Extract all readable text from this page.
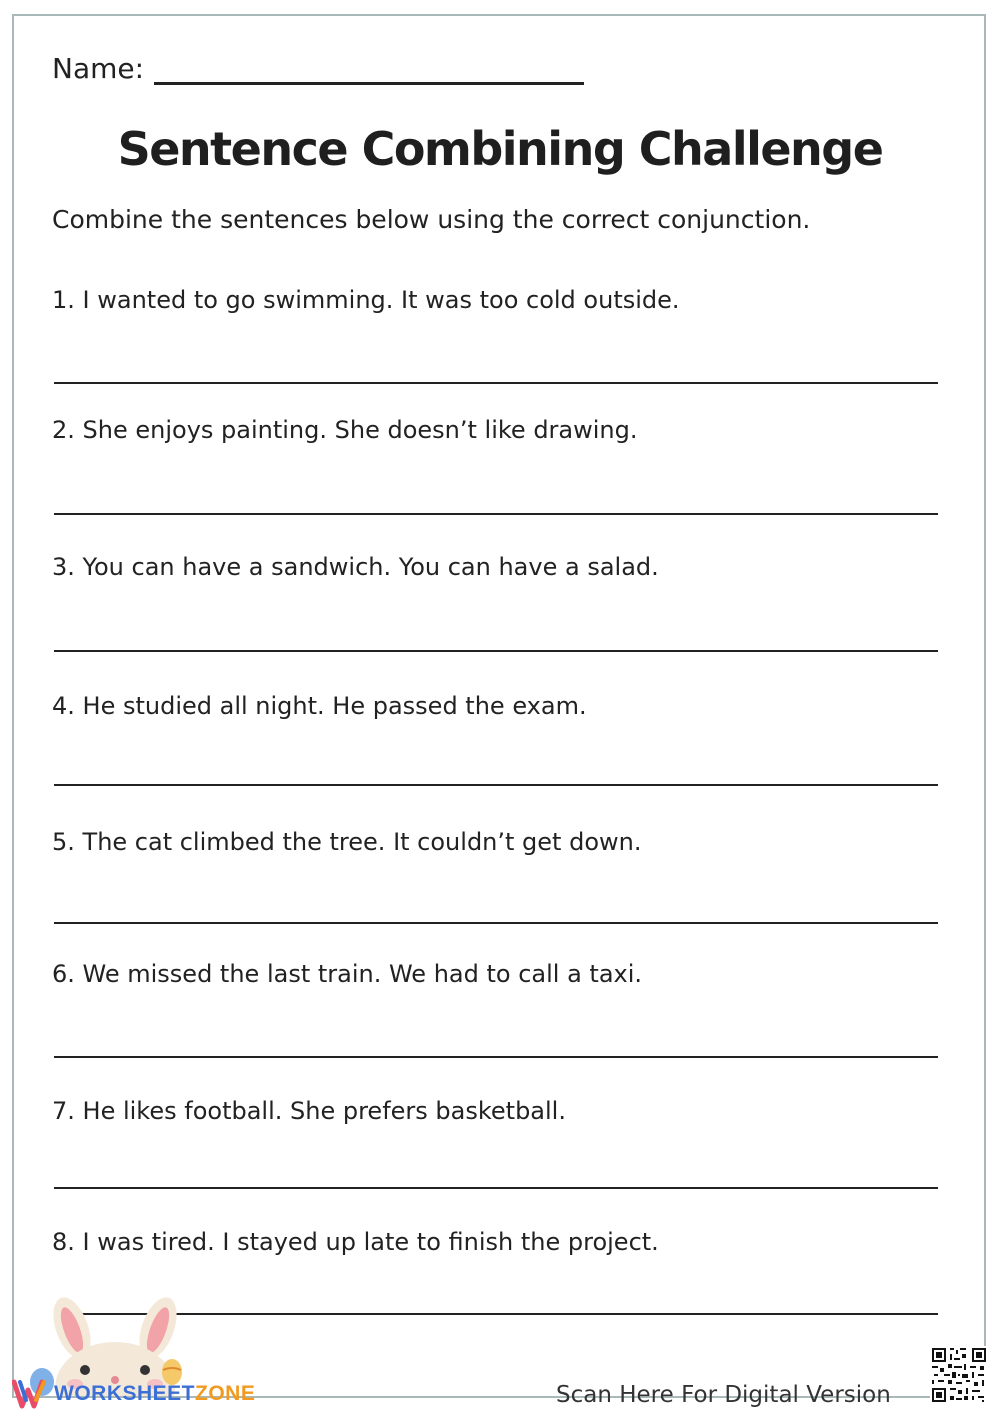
Name:
Sentence Combining Challenge
Combine the sentences below using the correct conjunction.
1. I wanted to go swimming. It was too cold outside.
2. She enjoys painting. She doesn’t like drawing.
3. You can have a sandwich. You can have a salad.
4. He studied all night. He passed the exam.
5. The cat climbed the tree. It couldn’t get down.
6. We missed the last train. We had to call a taxi.
7. He likes football. She prefers basketball.
8. I was tired. I stayed up late to finish the project.
WORKSHEETZONE	Scan Here For Digital Version
